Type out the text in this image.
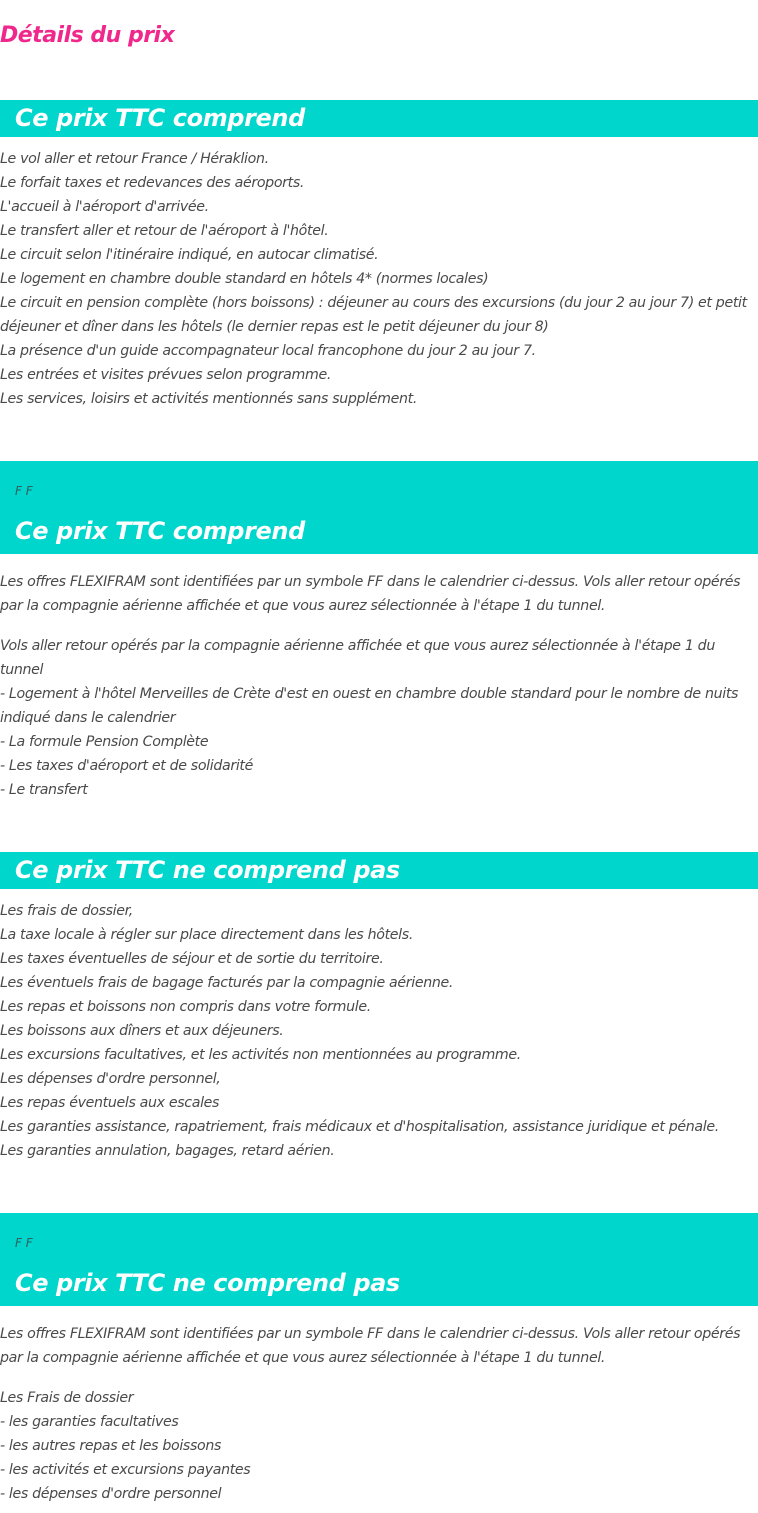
Détails du prix
Ce prix TTC comprend
Le vol aller et retour France / Héraklion.
Le forfait taxes et redevances des aéroports.
L'accueil à l'aéroport d'arrivée.
Le transfert aller et retour de l'aéroport à l'hôtel.
Le circuit selon l'itinéraire indiqué, en autocar climatisé.
Le logement en chambre double standard en hôtels 4* (normes locales)
Le circuit en pension complète (hors boissons) : déjeuner au cours des excursions (du jour 2 au jour 7) et petit déjeuner et dîner dans les hôtels (le dernier repas est le petit déjeuner du jour 8)
La présence d'un guide accompagnateur local francophone du jour 2 au jour 7.
Les entrées et visites prévues selon programme.
Les services, loisirs et activités mentionnés sans supplément.
F F
Ce prix TTC comprend

Les offres FLEXIFRAM sont identifiées par un symbole FF dans le calendrier ci-dessus. Vols aller retour opérés par la compagnie aérienne affichée et que vous aurez sélectionnée à l'étape 1 du tunnel.

Vols aller retour opérés par la compagnie aérienne affichée et que vous aurez sélectionnée à l'étape 1 du tunnel
- Logement à l'hôtel Merveilles de Crète d'est en ouest en chambre double standard pour le nombre de nuits indiqué dans le calendrier
- La formule Pension Complète
- Les taxes d'aéroport et de solidarité
- Le transfert
Ce prix TTC ne comprend pas
Les frais de dossier,
La taxe locale à régler sur place directement dans les hôtels.
Les taxes éventuelles de séjour et de sortie du territoire.
Les éventuels frais de bagage facturés par la compagnie aérienne.
Les repas et boissons non compris dans votre formule.
Les boissons aux dîners et aux déjeuners.
Les excursions facultatives, et les activités non mentionnées au programme.
Les dépenses d'ordre personnel,
Les repas éventuels aux escales
Les garanties assistance, rapatriement, frais médicaux et d'hospitalisation, assistance juridique et pénale.
Les garanties annulation, bagages, retard aérien.
F F
Ce prix TTC ne comprend pas

Les offres FLEXIFRAM sont identifiées par un symbole FF dans le calendrier ci-dessus. Vols aller retour opérés par la compagnie aérienne affichée et que vous aurez sélectionnée à l'étape 1 du tunnel.

Les Frais de dossier
- les garanties facultatives
- les autres repas et les boissons
- les activités et excursions payantes
- les dépenses d'ordre personnel
